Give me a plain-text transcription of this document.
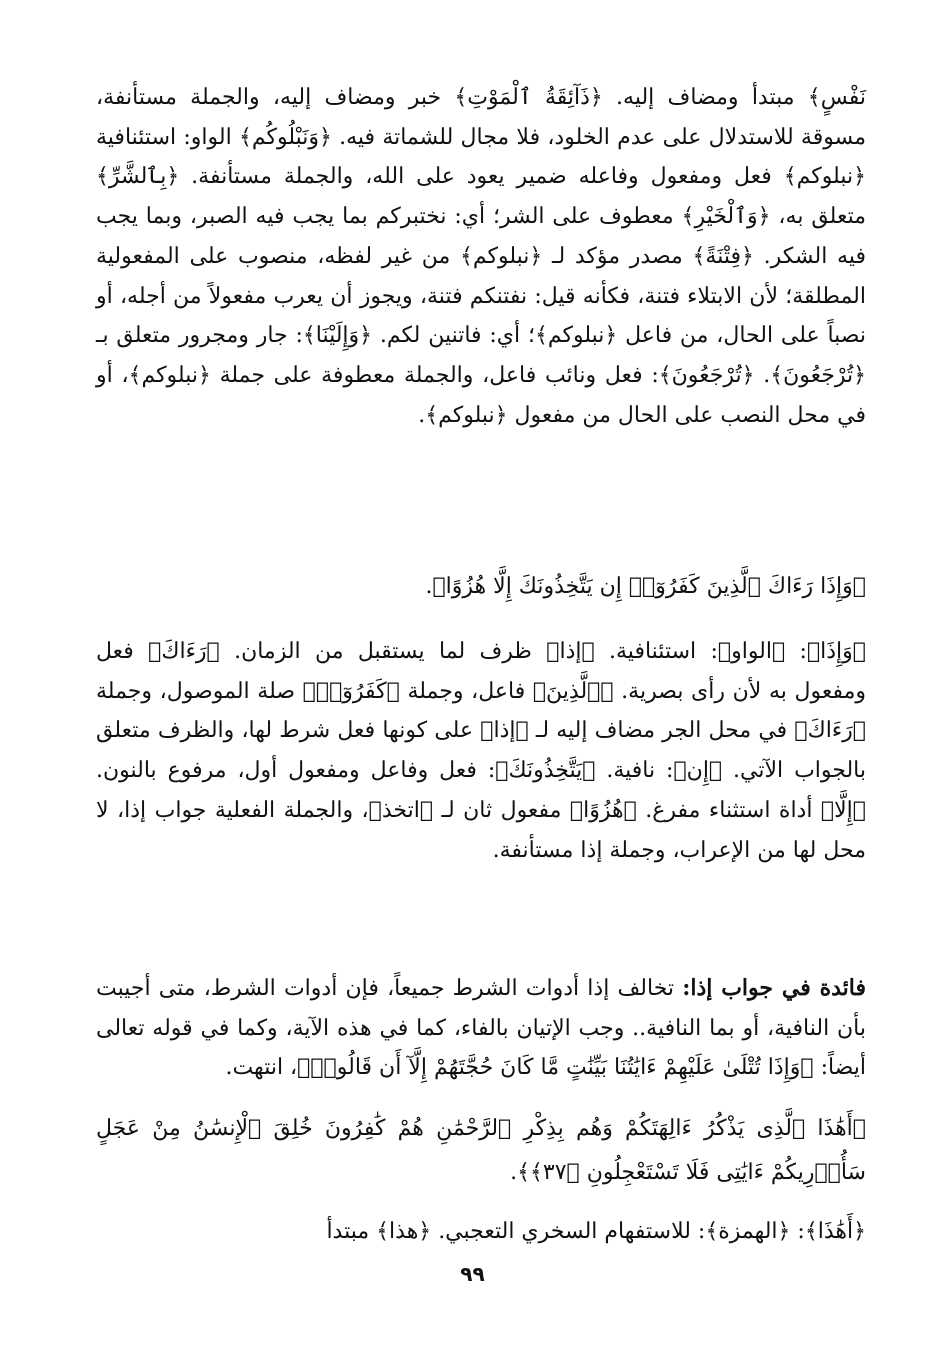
نَفْسٍ﴾ مبتدأ ومضاف إليه. ﴿ذَآئِقَةُ ٱلْمَوْتِ﴾ خبر ومضاف إليه، والجملة مستأنفة، مسوقة للاستدلال على عدم الخلود، فلا مجال للشماتة فيه. ﴿وَنَبْلُوكُم﴾ الواو: استئنافية ﴿نبلوكم﴾ فعل ومفعول وفاعله ضمير يعود على الله، والجملة مستأنفة. ﴿بِٱلشَّرِّ﴾ متعلق به، ﴿وَٱلْخَيْرِ﴾ معطوف على الشر؛ أي: نختبركم بما يجب فيه الصبر، وبما يجب فيه الشكر. ﴿فِتْنَةً﴾ مصدر مؤكد لـ ﴿نبلوكم﴾ من غير لفظه، منصوب على المفعولية المطلقة؛ لأن الابتلاء فتنة، فكأنه قيل: نفتنكم فتنة، ويجوز أن يعرب مفعولاً من أجله، أو نصباً على الحال، من فاعل ﴿نبلوكم﴾؛ أي: فاتنين لكم. ﴿وَإِلَيْنَا﴾: جار ومجرور متعلق بـ ﴿تُرْجَعُونَ﴾. ﴿تُرْجَعُونَ﴾: فعل ونائب فاعل، والجملة معطوفة على جملة ﴿نبلوكم﴾، أو في محل النصب على الحال من مفعول ﴿نبلوكم﴾.

﴿وَإِذَا رَءَاكَ ٱلَّذِينَ كَفَرُوٓا۟ إِن يَتَّخِذُونَكَ إِلَّا هُزُوًا﴾.

﴿وَإِذَا﴾: ﴿الواو﴾: استئنافية. ﴿إذا﴾ ظرف لما يستقبل من الزمان. ﴿رَءَاكَ﴾ فعل ومفعول به لأن رأى بصرية. ﴿ٱلَّذِينَ﴾ فاعل، وجملة ﴿كَفَرُوٓا۟﴾ صلة الموصول، وجملة ﴿رَءَاكَ﴾ في محل الجر مضاف إليه لـ ﴿إذا﴾ على كونها فعل شرط لها، والظرف متعلق بالجواب الآتي. ﴿إِن﴾: نافية. ﴿يَتَّخِذُونَكَ﴾: فعل وفاعل ومفعول أول، مرفوع بالنون. ﴿إِلَّا﴾ أداة استثناء مفرغ. ﴿هُزُوًا﴾ مفعول ثان لـ ﴿اتخذ﴾، والجملة الفعلية جواب إذا، لا محل لها من الإعراب، وجملة إذا مستأنفة.

فائدة في جواب إذا: تخالف إذا أدوات الشرط جميعاً، فإن أدوات الشرط، متى أجيبت بأن النافية، أو بما النافية.. وجب الإتيان بالفاء، كما في هذه الآية، وكما في قوله تعالى أيضاً: ﴿وَإِذَا تُتْلَىٰ عَلَيْهِمْ ءَايَٰتُنَا بَيِّنَٰتٍ مَّا كَانَ حُجَّتَهُمْ إِلَّآ أَن قَالُوا۟﴾، انتهت.

﴿أَهَٰذَا ٱلَّذِى يَذْكُرُ ءَالِهَتَكُمْ وَهُم بِذِكْرِ ٱلرَّحْمَٰنِ هُمْ كَٰفِرُونَ خُلِقَ ٱلْإِنسَٰنُ مِنْ عَجَلٍ سَأُو۟رِيكُمْ ءَايَٰتِى فَلَا تَسْتَعْجِلُونِ ﴿٣٧﴾﴾.

﴿أَهَٰذَا﴾: ﴿الهمزة﴾: للاستفهام السخري التعجبي. ﴿هذا﴾ مبتدأ

٩٩
